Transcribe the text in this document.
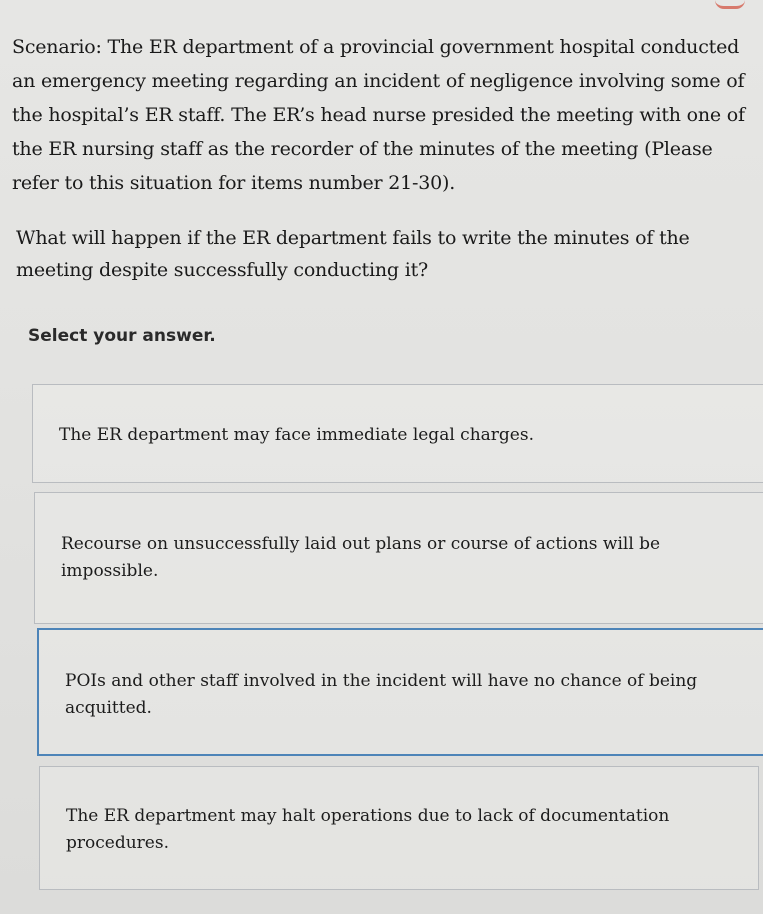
Scenario: The ER department of a provincial government hospital conducted an emergency meeting regarding an incident of negligence involving some of the hospital’s ER staff. The ER’s head nurse presided the meeting with one of the ER nursing staff as the recorder of the minutes of the meeting (Please refer to this situation for items number 21-30).

What will happen if the ER department fails to write the minutes of the meeting despite successfully conducting it?

Select your answer.

The ER department may face immediate legal charges.
Recourse on unsuccessfully laid out plans or course of actions will be impossible.
POIs and other staff involved in the incident will have no chance of being acquitted.
The ER department may halt operations due to lack of documentation procedures.
